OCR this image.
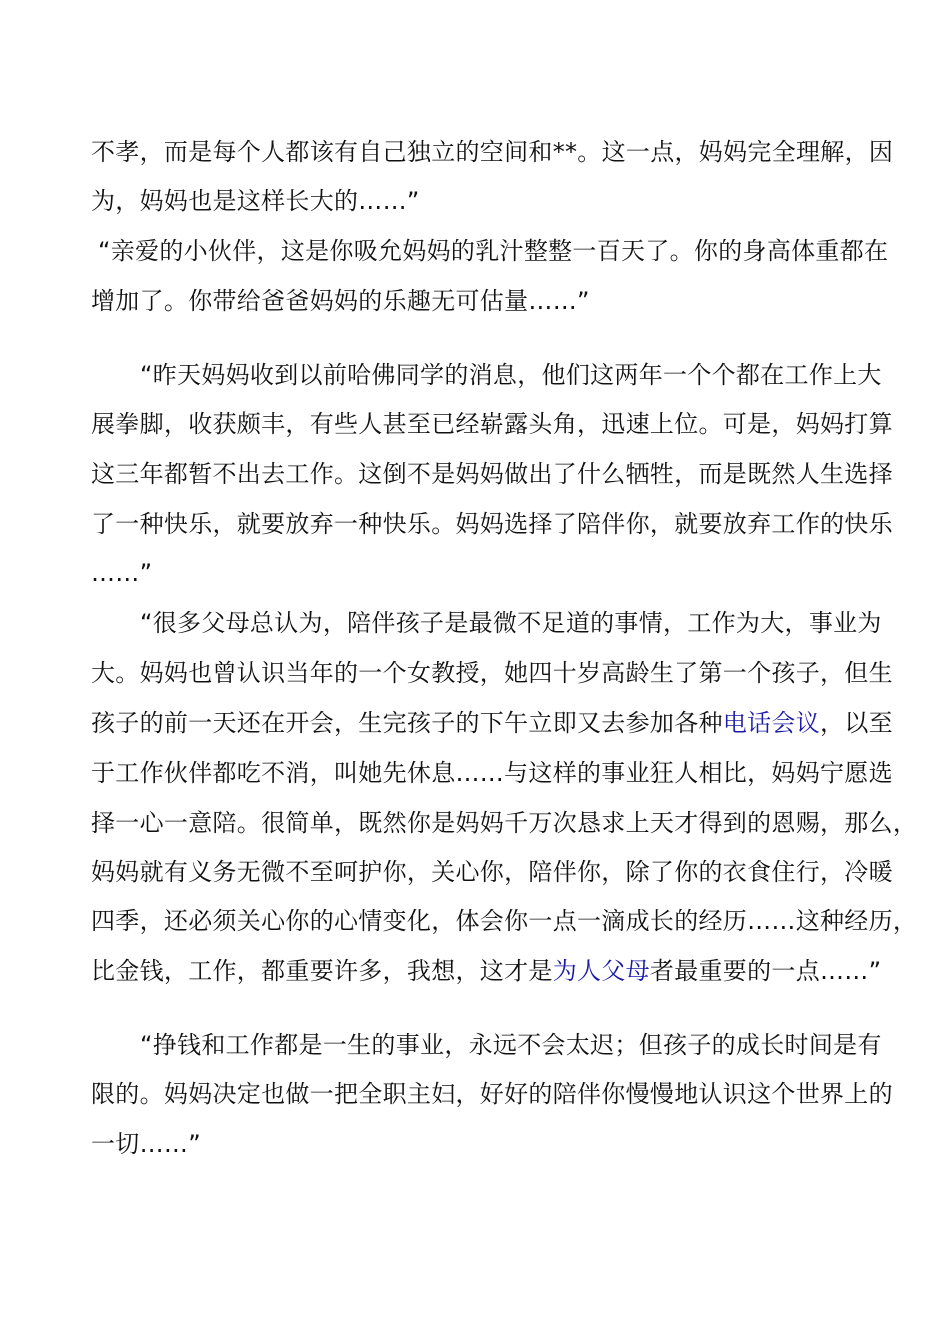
不孝，而是每个人都该有自己独立的空间和**。这一点，妈妈完全理解，因
为，妈妈也是这样长大的……”
“亲爱的小伙伴，这是你吸允妈妈的乳汁整整一百天了。你的身高体重都在
增加了。你带给爸爸妈妈的乐趣无可估量……”
“昨天妈妈收到以前哈佛同学的消息，他们这两年一个个都在工作上大
展拳脚，收获颇丰，有些人甚至已经崭露头角，迅速上位。可是，妈妈打算
这三年都暂不出去工作。这倒不是妈妈做出了什么牺牲，而是既然人生选择
了一种快乐，就要放弃一种快乐。妈妈选择了陪伴你，就要放弃工作的快乐
……”
“很多父母总认为，陪伴孩子是最微不足道的事情，工作为大，事业为
大。妈妈也曾认识当年的一个女教授，她四十岁高龄生了第一个孩子，但生
孩子的前一天还在开会，生完孩子的下午立即又去参加各种电话会议，以至
于工作伙伴都吃不消，叫她先休息……与这样的事业狂人相比，妈妈宁愿选
择一心一意陪。很简单，既然你是妈妈千万次恳求上天才得到的恩赐，那么，
妈妈就有义务无微不至呵护你，关心你，陪伴你，除了你的衣食住行，冷暖
四季，还必须关心你的心情变化，体会你一点一滴成长的经历……这种经历，
比金钱，工作，都重要许多，我想，这才是为人父母者最重要的一点……”
“挣钱和工作都是一生的事业，永远不会太迟；但孩子的成长时间是有
限的。妈妈决定也做一把全职主妇，好好的陪伴你慢慢地认识这个世界上的
一切……”
